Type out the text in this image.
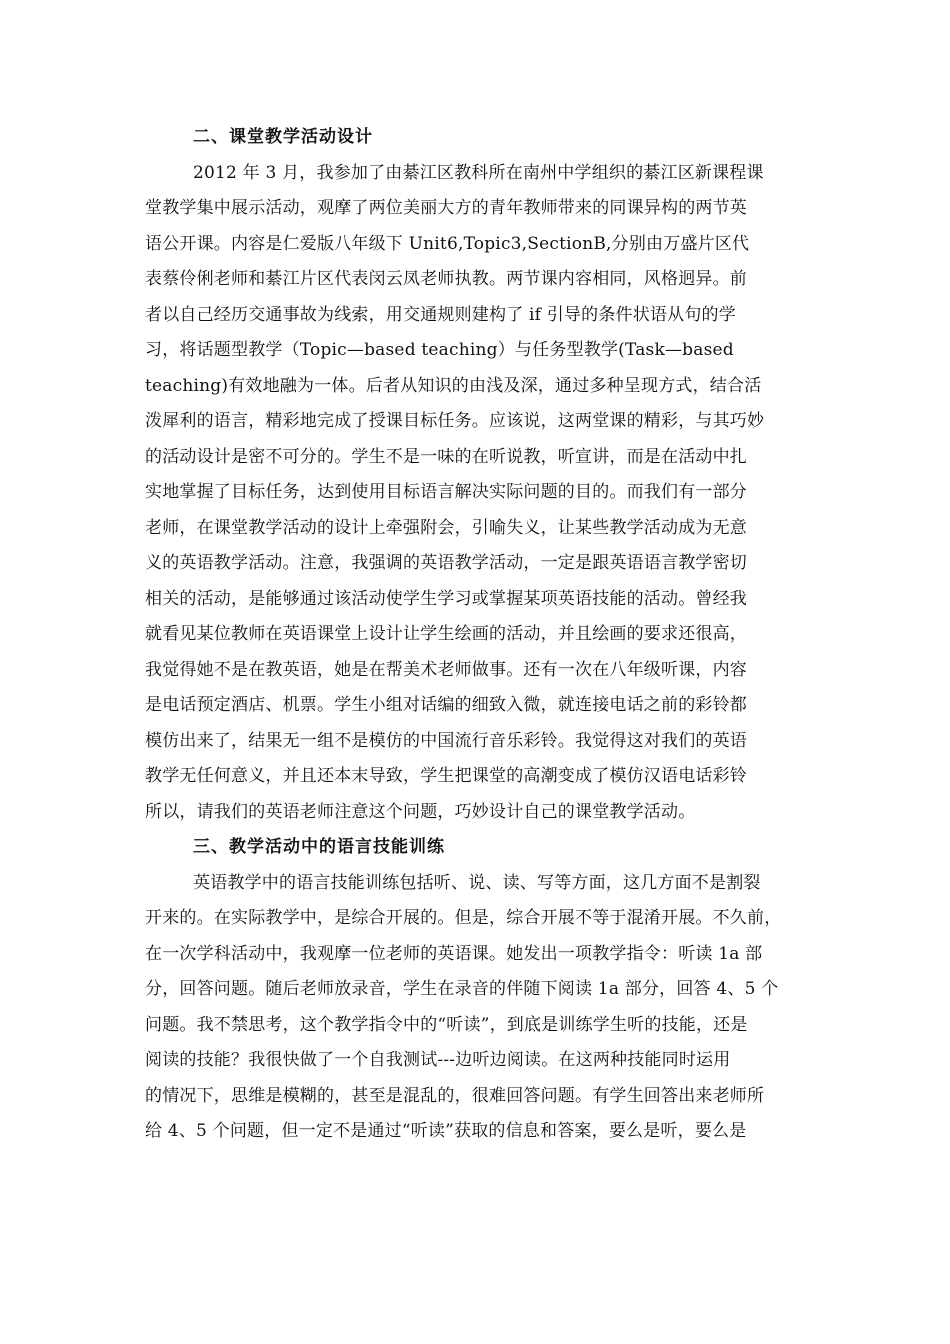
二、课堂教学活动设计
2012 年 3 月，我参加了由綦江区教科所在南州中学组织的綦江区新课程课
堂教学集中展示活动，观摩了两位美丽大方的青年教师带来的同课异构的两节英
语公开课。内容是仁爱版八年级下 Unit6,Topic3,SectionB,分别由万盛片区代
表蔡伶俐老师和綦江片区代表闵云凤老师执教。两节课内容相同，风格迥异。前
者以自己经历交通事故为线索，用交通规则建构了 if 引导的条件状语从句的学
习，将话题型教学（Topic—based teaching）与任务型教学(Task—based
teaching)有效地融为一体。后者从知识的由浅及深，通过多种呈现方式，结合活
泼犀利的语言，精彩地完成了授课目标任务。应该说，这两堂课的精彩，与其巧妙
的活动设计是密不可分的。学生不是一味的在听说教，听宣讲，而是在活动中扎
实地掌握了目标任务，达到使用目标语言解决实际问题的目的。而我们有一部分
老师，在课堂教学活动的设计上牵强附会，引喻失义，让某些教学活动成为无意
义的英语教学活动。注意，我强调的英语教学活动，一定是跟英语语言教学密切
相关的活动，是能够通过该活动使学生学习或掌握某项英语技能的活动。曾经我
就看见某位教师在英语课堂上设计让学生绘画的活动，并且绘画的要求还很高，
我觉得她不是在教英语，她是在帮美术老师做事。还有一次在八年级听课，内容
是电话预定酒店、机票。学生小组对话编的细致入微，就连接电话之前的彩铃都
模仿出来了，结果无一组不是模仿的中国流行音乐彩铃。我觉得这对我们的英语
教学无任何意义，并且还本末导致，学生把课堂的高潮变成了模仿汉语电话彩铃
所以，请我们的英语老师注意这个问题，巧妙设计自己的课堂教学活动。
三、教学活动中的语言技能训练
英语教学中的语言技能训练包括听、说、读、写等方面，这几方面不是割裂
开来的。在实际教学中，是综合开展的。但是，综合开展不等于混淆开展。不久前，
在一次学科活动中，我观摩一位老师的英语课。她发出一项教学指令：听读 1a 部
分，回答问题。随后老师放录音，学生在录音的伴随下阅读 1a 部分，回答 4、5 个
问题。我不禁思考，这个教学指令中的“听读”，到底是训练学生听的技能，还是
阅读的技能？我很快做了一个自我测试---边听边阅读。在这两种技能同时运用
的情况下，思维是模糊的，甚至是混乱的，很难回答问题。有学生回答出来老师所
给 4、5 个问题，但一定不是通过“听读”获取的信息和答案，要么是听，要么是
